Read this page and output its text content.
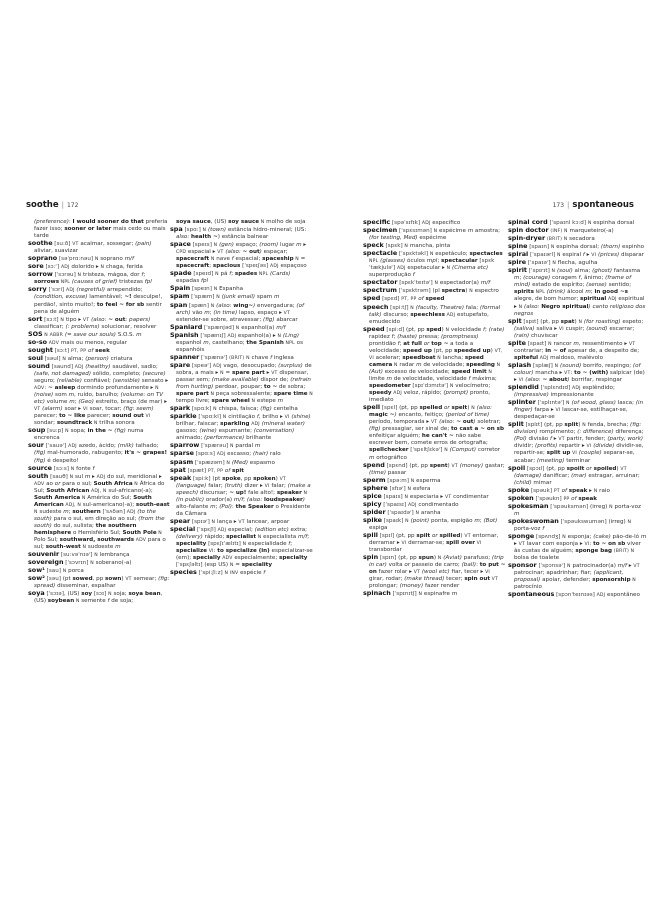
soothe | 172	173 | spontaneous

(preference): I would sooner do that preferia fazer isso; sooner or later mais cedo ou mais tarde

soothe [su:ð] VT acalmar, sossegar; (pain) aliviar, suavizar

soprano [səˈprɑ:nəu] N soprano m/f

sore [sɔ:ʳ] ADJ dolorido ▸ N chaga, ferida

sorrow [ˈsɔrəu] N tristeza, mágoa, dor f; sorrows NPL (causes of grief) tristezas fpl

sorry [ˈsɔri] ADJ (regretful) arrependido; (condition, excuse) lamentável; ~! desculpe!, perdão!, sinto muito!; to feel ~ for sb sentir pena de alguém

sort [sɔ:t] N tipo ▸ VT (also: ~ out: papers) classificar; (: problems) solucionar, resolver

SOS N ABBR (= save our souls) S.O.S. m

so-so ADV mais ou menos, regular

sought [sɔ:t] PT, PP of seek

soul [səul] N alma; (person) criatura

sound [saund] ADJ (healthy) saudável, sadio; (safe, not damaged) sólido, completo; (secure) seguro; (reliable) confiável; (sensible) sensato ▸ ADV: ~ asleep dormindo profundamente ▸ N (noise) som m, ruído, barulho; (volume: on TV etc) volume m; (Geo) estreito, braço (de mar) ▸ VT (alarm) soar ▸ VI soar, tocar; (fig: seem) parecer; to ~ like parecer; sound out VI sondar; soundtrack N trilha sonora

soup [su:p] N sopa; in the ~ (fig) numa encrenca

sour [ˈsauəʳ] ADJ azedo, ácido; (milk) talhado; (fig) mal-humorado, rabugento; it's ~ grapes! (fig) é despeito!

source [sɔ:s] N fonte f

south [sauθ] N sul m ▸ ADJ do sul, meridional ▸ ADV ao or para o sul; South Africa N África do Sul; South African ADJ, N sul-africano(-a); South America N América do Sul; South American ADJ, N sul-americano(-a); south-east N sudeste m; southern [ˈsʌðən] ADJ (to the south) para o sul, em direção ao sul; (from the south) do sul, sulista; the southern hemisphere o Hemisfério Sul; South Pole N Polo Sul; southward, southwards ADV para o sul; south-west N sudoeste m

souvenir [su:vəˈnɪəʳ] N lembrança

sovereign [ˈsɔvrɪn] N soberano(-a)

sow¹ [sau] N porca

sow² [səu] (pt sowed, pp sown) VT semear; (fig: spread) disseminar, espalhar

soya [ˈsɔɪə], (US) soy [sɔɪ] N soja; soya bean, (US) soybean N semente f de soja;

soya sauce, (US) soy sauce N molho de soja

spa [spɑ:] N (town) estância hidro-mineral; (US: also: health ~) estância balnear

space [speɪs] N (gen) espaço; (room) lugar m ▸ CPD espacial ▸ VT (also: ~ out) espaçar; spacecraft N nave f espacial; spaceship N = spacecraft; spacious [ˈspeɪʃəs] ADJ espaçoso

spade [speɪd] N pá f; spades NPL (Cards) espadas fpl

Spain [speɪn] N Espanha

spam [ˈspæm] N (junk email) spam m

span [spæn] N (also: wing~) envergadura; (of arch) vão m; (in time) lapso, espaço ▸ VT estender-se sobre, atravessar; (fig) abarcar

Spaniard [ˈspænjəd] N espanhol(a) m/f

Spanish [ˈspænɪʃ] ADJ espanhol(a) ▸ N (Ling) espanhol m, castelhano; the Spanish NPL os espanhóis

spanner [ˈspænəʳ] (BRIT) N chave f inglesa

spare [speəʳ] ADJ vago, desocupado; (surplus) de sobra, a mais ▸ N = spare part ▸ VT dispensar, passar sem; (make available) dispor de; (refrain from hurting) perdoar, poupar; to ~ de sobra; spare part N peça sobressalente; spare time N tempo livre; spare wheel N estepe m

spark [spɑ:k] N chispa, faísca; (fig) centelha

sparkle [ˈspɑ:kl] N cintilação f, brilho ▸ VI (shine) brilhar, faiscar; sparkling ADJ (mineral water) gasoso; (wine) espumante; (conversation) animado; (performance) brilhante

sparrow [ˈspærəu] N pardal m

sparse [spɑ:s] ADJ escasso; (hair) ralo

spasm [ˈspæzəm] N (Med) espasmo

spat [spæt] PT, PP of spit

speak [spi:k] (pt spoke, pp spoken) VT (language) falar; (truth) dizer ▸ VI falar; (make a speech) discursar; ~ up! fale alto!; speaker N (in public) orador(a) m/f; (also: loudspeaker) alto-falante m; (Pol): the Speaker o Presidente da Câmara

spear [spɪəʳ] N lança ▸ VT lancear, arpoar

special [ˈspɛʃl] ADJ especial; (edition etc) extra; (delivery) rápido; specialist N especialista m/f; speciality [spɛʃɪˈælɪtɪ] N especialidade f; specialize VI: to specialize (in) especializar-se (em); specially ADV especialmente; specialty [ˈspɛʃəltɪ] (esp US) N = speciality

species [ˈspi:ʃi:z] N INV espécie f

specific [spəˈsɪfɪk] ADJ específico

specimen [ˈspɛsɪmən] N espécime m amostra; (for testing, Med) espécime

speck [spɛk] N mancha, pinta

spectacle [ˈspɛktəkl] N espetáculo; spectacles NPL (glasses) óculos mpl; spectacular [spɛkˈtækjuləʳ] ADJ espetacular ▸ N (Cinema etc) superprodução f

spectator [spɛkˈteɪtəʳ] N espectador(a) m/f

spectrum [ˈspɛktrəm] (pl spectra) N espectro

sped [spɛd] PT, PP of speed

speech [spi:tʃ] N (faculty, Theatre) fala; (formal talk) discurso; speechless ADJ estupefato, emudecido

speed [spi:d] (pt, pp sped) N velocidade f; (rate) rapidez f; (haste) pressa; (promptness) prontidão f; at full or top ~ a toda a velocidade; speed up (pt, pp speeded up) VT, VI acelerar; speedboat N lancha; speed camera N radar m de velocidade; speeding N (Aut) excesso de velocidade; speed limit N limite m de velocidade, velocidade f máxima; speedometer [spɪˈdɔmɪtəʳ] N velocímetro; speedy ADJ veloz, rápido; (prompt) pronto, imediato

spell [spɛl] (pt, pp spelled or spelt) N (also: magic ~) encanto, feitiço; (period of time) período, temporada ▸ VT (also: ~ out) soletrar; (fig) pressagiar, ser sinal de; to cast a ~ on sb enfeitiçar alguém; he can't ~ não sabe escrever bem, comete erros de ortografia; spellchecker [ˈspɛltʃɛkəʳ] N (Comput) corretor m ortográfico

spend [spɛnd] (pt, pp spent) VT (money) gastar; (time) passar

sperm [spə:m] N esperma

sphere [sfɪəʳ] N esfera

spice [spaɪs] N especiaria ▸ VT condimentar

spicy [ˈspaɪsɪ] ADJ condimentado

spider [ˈspaɪdəʳ] N aranha

spike [spaɪk] N (point) ponta, espigão m; (Bot) espiga

spill [spɪl] (pt, pp spilt or spilled) VT entornar, derramar ▸ VI derramar-se; spill over VI transbordar

spin [spɪn] (pt, pp spun) N (Aviat) parafuso; (trip in car) volta or passeio de carro; (ball): to put ~ on fazer rolar ▸ VT (wool etc) fiar, tecer ▸ VI girar, rodar; (make thread) tecer; spin out VT prolongar; (money) fazer render

spinach [ˈspɪnɪtʃ] N espinafre m

spinal cord [ˈspaɪnl kɔ:d] N espinha dorsal

spin doctor (INF) N marqueteiro(-a)

spin-dryer (BRIT) N secadora

spine [spaɪn] N espinha dorsal; (thorn) espinho

spiral [ˈspaɪərl] N espiral f ▸ VI (prices) disparar

spire [ˈspaɪəʳ] N flecha, agulha

spirit [ˈspɪrɪt] N (soul) alma; (ghost) fantasma m; (courage) coragem f, ânimo; (frame of mind) estado de espírito; (sense) sentido; spirits NPL (drink) álcool m; in good ~s alegre, de bom humor; spiritual ADJ espiritual ▸ N (also: Negro spiritual) canto religioso dos negros

spit [spɪt] (pt, pp spat) N (for roasting) espeto; (saliva) saliva ▸ VI cuspir; (sound) escarrar; (rain) chuviscar

spite [spaɪt] N rancor m, ressentimento ▸ VT contrariar; in ~ of apesar de, a despeito de; spiteful ADJ maldoso, malévolo

splash [splæʃ] N (sound) borrifo, respingo; (of colour) mancha ▸ VT: to ~ (with) salpicar (de) ▸ VI (also: ~ about) borrifar, respingar

splendid [ˈsplɛndɪd] ADJ esplêndido; (impressive) impressionante

splinter [ˈsplɪntəʳ] N (of wood, glass) lasca; (in finger) farpa ▸ VI lascar-se, estilhaçar-se, despedaçar-se

split [splɪt] (pt, pp split) N fenda, brecha; (fig: division) rompimento; (: difference) diferença; (Pol) divisão f ▸ VT partir, fender; (party, work) dividir; (profits) repartir ▸ VI (divide) dividir-se, repartir-se; split up VI (couple) separar-se, acabar; (meeting) terminar

spoil [spɔɪl] (pt, pp spoilt or spoiled) VT (damage) danificar; (mar) estragar, arruinar; (child) mimar

spoke [spəuk] PT of speak ▸ N raio

spoken [ˈspəukn] PP of speak

spokesman [ˈspəuksmən] (irreg) N porta-voz m

spokeswoman [ˈspəukswumən] (irreg) N porta-voz f

sponge [spʌndʒ] N esponja; (cake) pão-de-ló m ▸ VT lavar com esponja ▸ VI: to ~ on sb viver às custas de alguém; sponge bag (BRIT) N bolsa de toalete

sponsor [ˈspɔnsəʳ] N patrocinador(a) m/f ▸ VT patrocinar; apadrinhar; fiar; (applicant, proposal) apoiar, defender; sponsorship N patrocínio

spontaneous [spɔnˈteɪnɪəs] ADJ espontâneo
